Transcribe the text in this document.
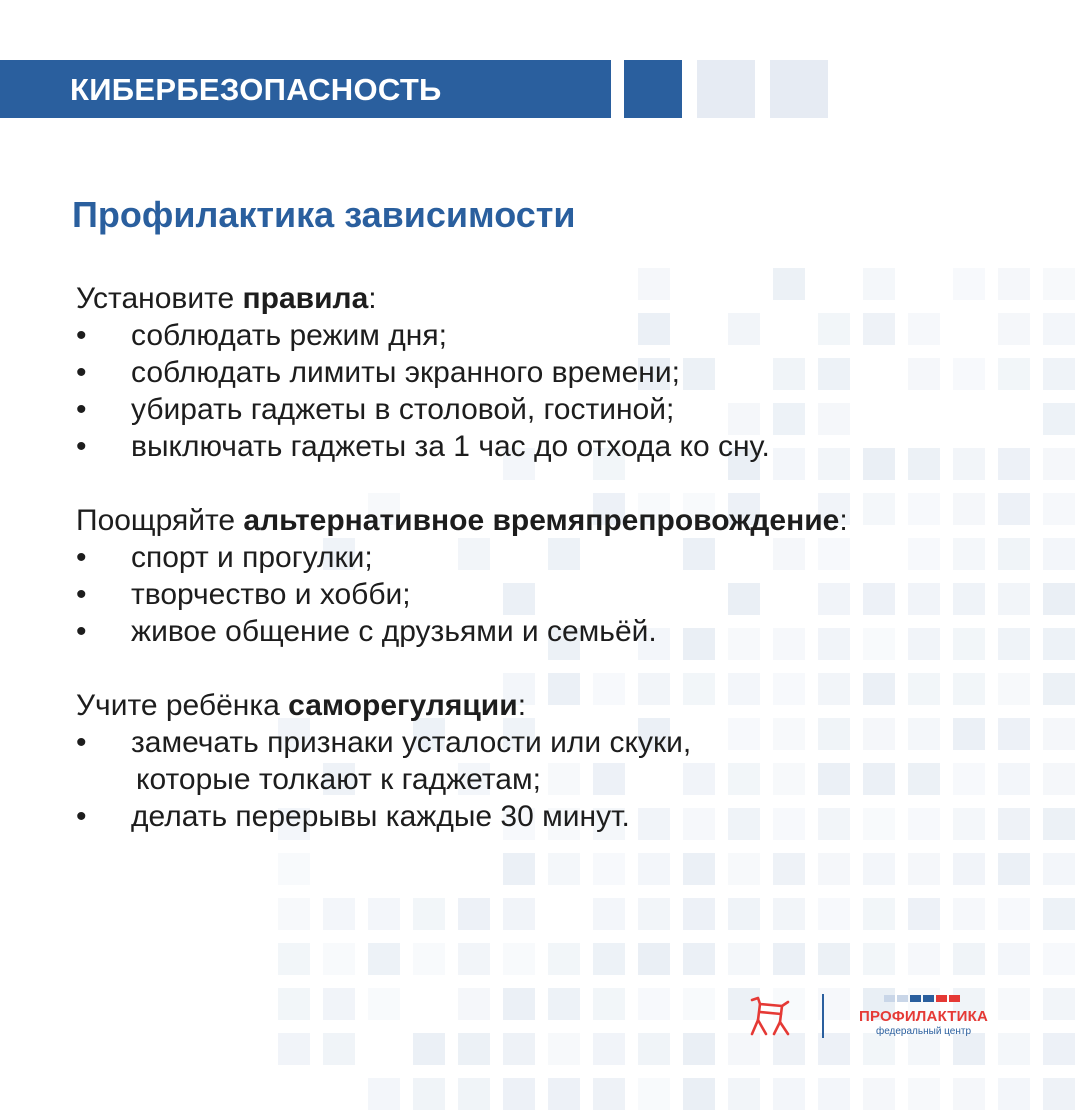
КИБЕРБЕЗОПАСНОСТЬ
Профилактика зависимости
Установите правила:
•	соблюдать режим дня;
•	соблюдать лимиты экранного времени;
•	убирать гаджеты в столовой, гостиной;
•	выключать гаджеты за 1 час до отхода ко сну.
Поощряйте альтернативное времяпрепровождение:
•	спорт и прогулки;
•	творчество и хобби;
•	живое общение с друзьями и семьёй.
Учите ребёнка саморегуляции:
•	замечать признаки усталости или скуки,
которые толкают к гаджетам;
•	делать перерывы каждые 30 минут.
ПРОФИЛАКТИКА
федеральный центр
